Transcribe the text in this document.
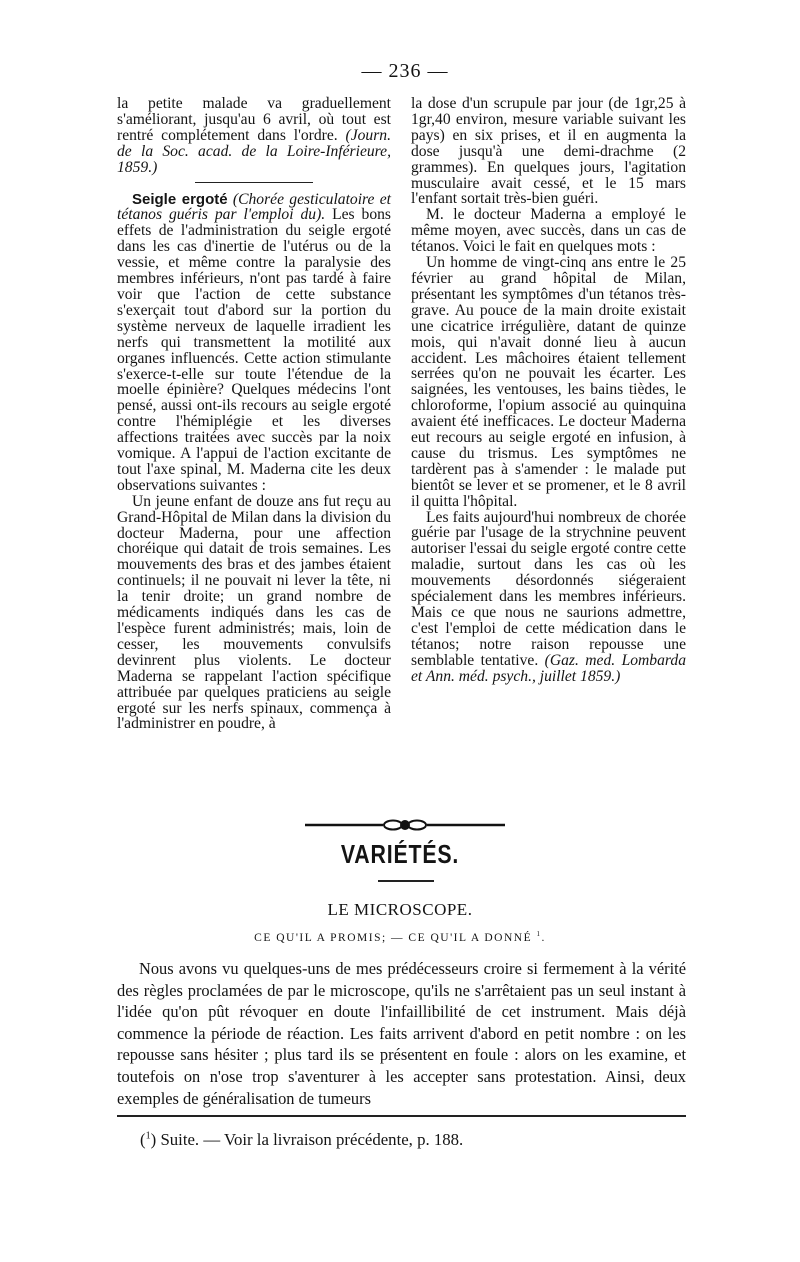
— 236 —

la petite malade va graduellement s'améliorant, jusqu'au 6 avril, où tout est rentré complétement dans l'ordre. (Journ. de la Soc. acad. de la Loire-Inférieure, 1859.)

Seigle ergoté (Chorée gesticulatoire et tétanos guéris par l'emploi du). Les bons effets de l'administration du seigle ergoté dans les cas d'inertie de l'utérus ou de la vessie, et même contre la paralysie des membres inférieurs, n'ont pas tardé à faire voir que l'action de cette substance s'exerçait tout d'abord sur la portion du système nerveux de laquelle irradient les nerfs qui transmettent la motilité aux organes influencés. Cette action stimulante s'exerce-t-elle sur toute l'étendue de la moelle épinière? Quelques médecins l'ont pensé, aussi ont-ils recours au seigle ergoté contre l'hémiplégie et les diverses affections traitées avec succès par la noix vomique. A l'appui de l'action excitante de tout l'axe spinal, M. Maderna cite les deux observations suivantes :

Un jeune enfant de douze ans fut reçu au Grand-Hôpital de Milan dans la division du docteur Maderna, pour une affection choréique qui datait de trois semaines. Les mouvements des bras et des jambes étaient continuels; il ne pouvait ni lever la tête, ni la tenir droite; un grand nombre de médicaments indiqués dans les cas de l'espèce furent administrés; mais, loin de cesser, les mouvements convulsifs devinrent plus violents. Le docteur Maderna se rappelant l'action spécifique attribuée par quelques praticiens au seigle ergoté sur les nerfs spinaux, commença à l'administrer en poudre, à

la dose d'un scrupule par jour (de 1gr,25 à 1gr,40 environ, mesure variable suivant les pays) en six prises, et il en augmenta la dose jusqu'à une demi-drachme (2 grammes). En quelques jours, l'agitation musculaire avait cessé, et le 15 mars l'enfant sortait très-bien guéri.

M. le docteur Maderna a employé le même moyen, avec succès, dans un cas de tétanos. Voici le fait en quelques mots :

Un homme de vingt-cinq ans entre le 25 février au grand hôpital de Milan, présentant les symptômes d'un tétanos très-grave. Au pouce de la main droite existait une cicatrice irrégulière, datant de quinze mois, qui n'avait donné lieu à aucun accident. Les mâchoires étaient tellement serrées qu'on ne pouvait les écarter. Les saignées, les ventouses, les bains tièdes, le chloroforme, l'opium associé au quinquina avaient été inefficaces. Le docteur Maderna eut recours au seigle ergoté en infusion, à cause du trismus. Les symptômes ne tardèrent pas à s'amender : le malade put bientôt se lever et se promener, et le 8 avril il quitta l'hôpital.

Les faits aujourd'hui nombreux de chorée guérie par l'usage de la strychnine peuvent autoriser l'essai du seigle ergoté contre cette maladie, surtout dans les cas où les mouvements désordonnés siégeraient spécialement dans les membres inférieurs. Mais ce que nous ne saurions admettre, c'est l'emploi de cette médication dans le tétanos; notre raison repousse une semblable tentative. (Gaz. med. Lombarda et Ann. méd. psych., juillet 1859.)

VARIÉTÉS.
LE MICROSCOPE.
CE QU'IL A PROMIS; — CE QU'IL A DONNÉ $^1$.

Nous avons vu quelques-uns de mes prédécesseurs croire si fermement à la vérité des règles proclamées de par le microscope, qu'ils ne s'arrêtaient pas un seul instant à l'idée qu'on pût révoquer en doute l'infaillibilité de cet instrument. Mais déjà commence la période de réaction. Les faits arrivent d'abord en petit nombre : on les repousse sans hésiter ; plus tard ils se présentent en foule : alors on les examine, et toutefois on n'ose trop s'aventurer à les accepter sans protestation. Ainsi, deux exemples de généralisation de tumeurs

($^1$) Suite. — Voir la livraison précédente, p. 188.
